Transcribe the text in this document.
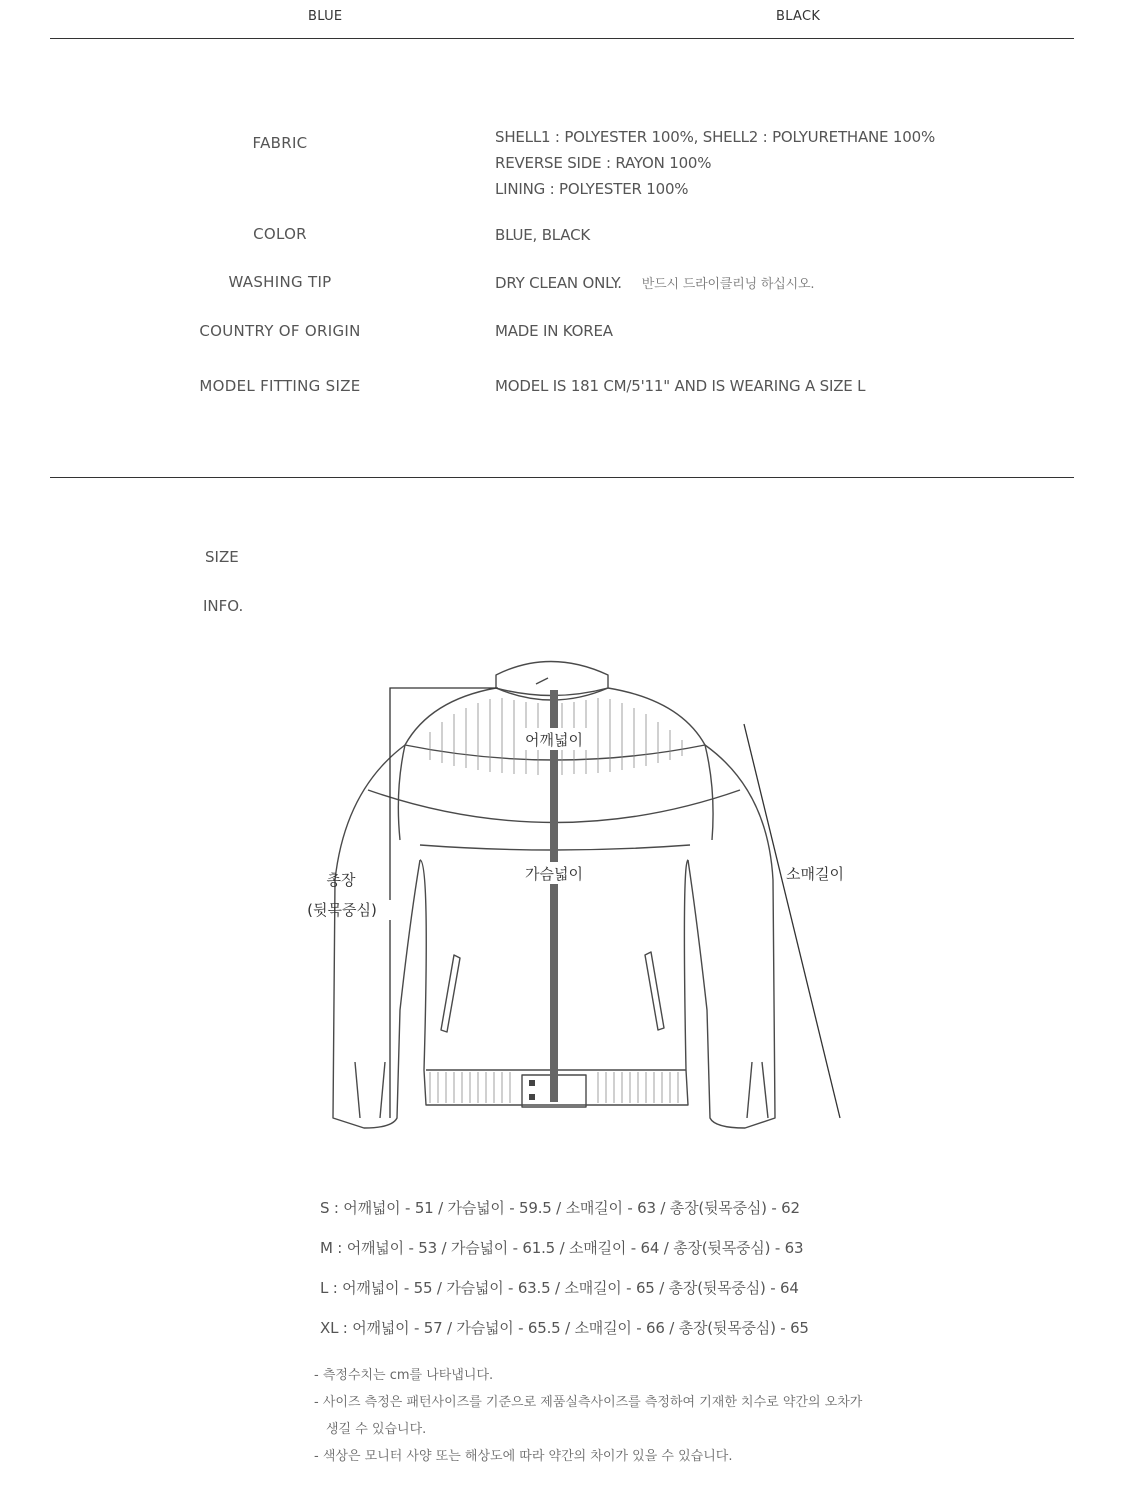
BLUE	BLACK
FABRIC	SHELL1 : POLYESTER 100%, SHELL2 : POLYURETHANE 100%
REVERSE SIDE : RAYON 100%
LINING : POLYESTER 100%
COLOR	BLUE, BLACK
WASHING TIP	DRY CLEAN ONLY. 반드시 드라이클리닝 하십시오.
COUNTRY OF ORIGIN	MADE IN KOREA
MODEL FITTING SIZE	MODEL IS 181 CM/5'11" AND IS WEARING A SIZE L
SIZE
INFO.
어깨넓이
가슴넓이	소매길이
총장
(뒷목중심)
S : 어깨넓이 - 51 / 가슴넓이 - 59.5 / 소매길이 - 63 / 총장(뒷목중심) - 62
M : 어깨넓이 - 53 / 가슴넓이 - 61.5 / 소매길이 - 64 / 총장(뒷목중심) - 63
L : 어깨넓이 - 55 / 가슴넓이 - 63.5 / 소매길이 - 65 / 총장(뒷목중심) - 64
XL : 어깨넓이 - 57 / 가슴넓이 - 65.5 / 소매길이 - 66 / 총장(뒷목중심) - 65
- 측정수치는 cm를 나타냅니다.
- 사이즈 측정은 패턴사이즈를 기준으로 제품실측사이즈를 측정하여 기재한 치수로 약간의 오차가
생길 수 있습니다.
- 색상은 모니터 사양 또는 해상도에 따라 약간의 차이가 있을 수 있습니다.
